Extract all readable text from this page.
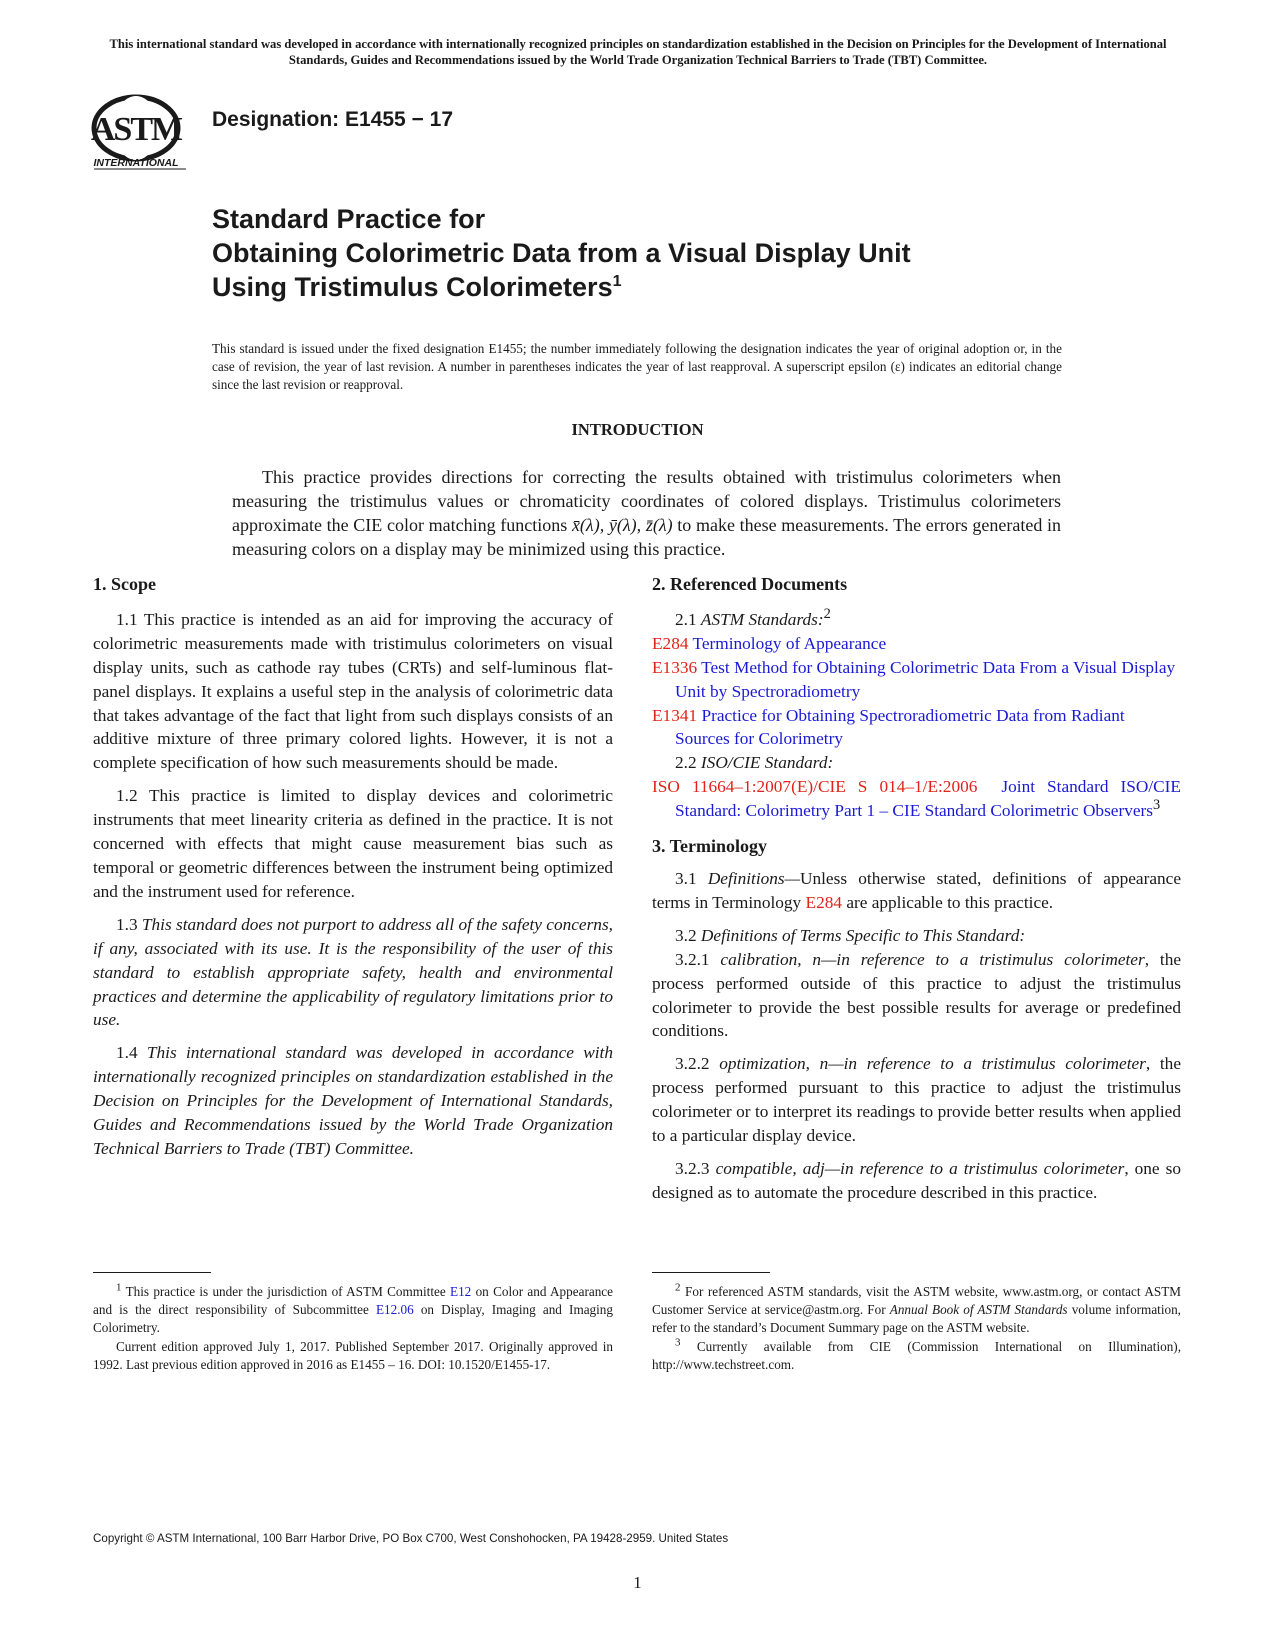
This international standard was developed in accordance with internationally recognized principles on standardization established in the Decision on Principles for the Development of International Standards, Guides and Recommendations issued by the World Trade Organization Technical Barriers to Trade (TBT) Committee.
ASTM
INTERNATIONAL
Designation: E1455 − 17
Standard Practice for
Obtaining Colorimetric Data from a Visual Display Unit
Using Tristimulus Colorimeters$^1$
This standard is issued under the fixed designation E1455; the number immediately following the designation indicates the year of original adoption or, in the case of revision, the year of last revision. A number in parentheses indicates the year of last reapproval. A superscript epsilon (ε) indicates an editorial change since the last revision or reapproval.
INTRODUCTION
This practice provides directions for correcting the results obtained with tristimulus colorimeters when measuring the tristimulus values or chromaticity coordinates of colored displays. Tristimulus colorimeters approximate the CIE color matching functions x̄(λ), ȳ(λ), z̄(λ) to make these measurements. The errors generated in measuring colors on a display may be minimized using this practice.
1. Scope

1.1 This practice is intended as an aid for improving the accuracy of colorimetric measurements made with tristimulus colorimeters on visual display units, such as cathode ray tubes (CRTs) and self-luminous flat-panel displays. It explains a useful step in the analysis of colorimetric data that takes advantage of the fact that light from such displays consists of an additive mixture of three primary colored lights. However, it is not a complete specification of how such measurements should be made.

1.2 This practice is limited to display devices and colorimetric instruments that meet linearity criteria as defined in the practice. It is not concerned with effects that might cause measurement bias such as temporal or geometric differences between the instrument being optimized and the instrument used for reference.

1.3 This standard does not purport to address all of the safety concerns, if any, associated with its use. It is the responsibility of the user of this standard to establish appropriate safety, health and environmental practices and determine the applicability of regulatory limitations prior to use.

1.4 This international standard was developed in accordance with internationally recognized principles on standardization established in the Decision on Principles for the Development of International Standards, Guides and Recommendations issued by the World Trade Organization Technical Barriers to Trade (TBT) Committee.

2. Referenced Documents

2.1 ASTM Standards:$^2$

E284 Terminology of Appearance

E1336 Test Method for Obtaining Colorimetric Data From a Visual Display Unit by Spectroradiometry

E1341 Practice for Obtaining Spectroradiometric Data from Radiant Sources for Colorimetry

2.2 ISO/CIE Standard:

ISO 11664–1:2007(E)/CIE S 014–1/E:2006 Joint Standard ISO/CIE Standard: Colorimetry Part 1 – CIE Standard Colorimetric Observers$^3$

3. Terminology

3.1 Definitions—Unless otherwise stated, definitions of appearance terms in Terminology E284 are applicable to this practice.

3.2 Definitions of Terms Specific to This Standard:

3.2.1 calibration, n—in reference to a tristimulus colorimeter, the process performed outside of this practice to adjust the tristimulus colorimeter to provide the best possible results for average or predefined conditions.

3.2.2 optimization, n—in reference to a tristimulus colorimeter, the process performed pursuant to this practice to adjust the tristimulus colorimeter or to interpret its readings to provide better results when applied to a particular display device.

3.2.3 compatible, adj—in reference to a tristimulus colorimeter, one so designed as to automate the procedure described in this practice.

$^1$ This practice is under the jurisdiction of ASTM Committee E12 on Color and Appearance and is the direct responsibility of Subcommittee E12.06 on Display, Imaging and Imaging Colorimetry.

Current edition approved July 1, 2017. Published September 2017. Originally approved in 1992. Last previous edition approved in 2016 as E1455 – 16. DOI: 10.1520/E1455-17.

$^2$ For referenced ASTM standards, visit the ASTM website, www.astm.org, or contact ASTM Customer Service at service@astm.org. For Annual Book of ASTM Standards volume information, refer to the standard’s Document Summary page on the ASTM website.

$^3$ Currently available from CIE (Commission International on Illumination), http://www.techstreet.com.

Copyright © ASTM International, 100 Barr Harbor Drive, PO Box C700, West Conshohocken, PA 19428-2959. United States
1
